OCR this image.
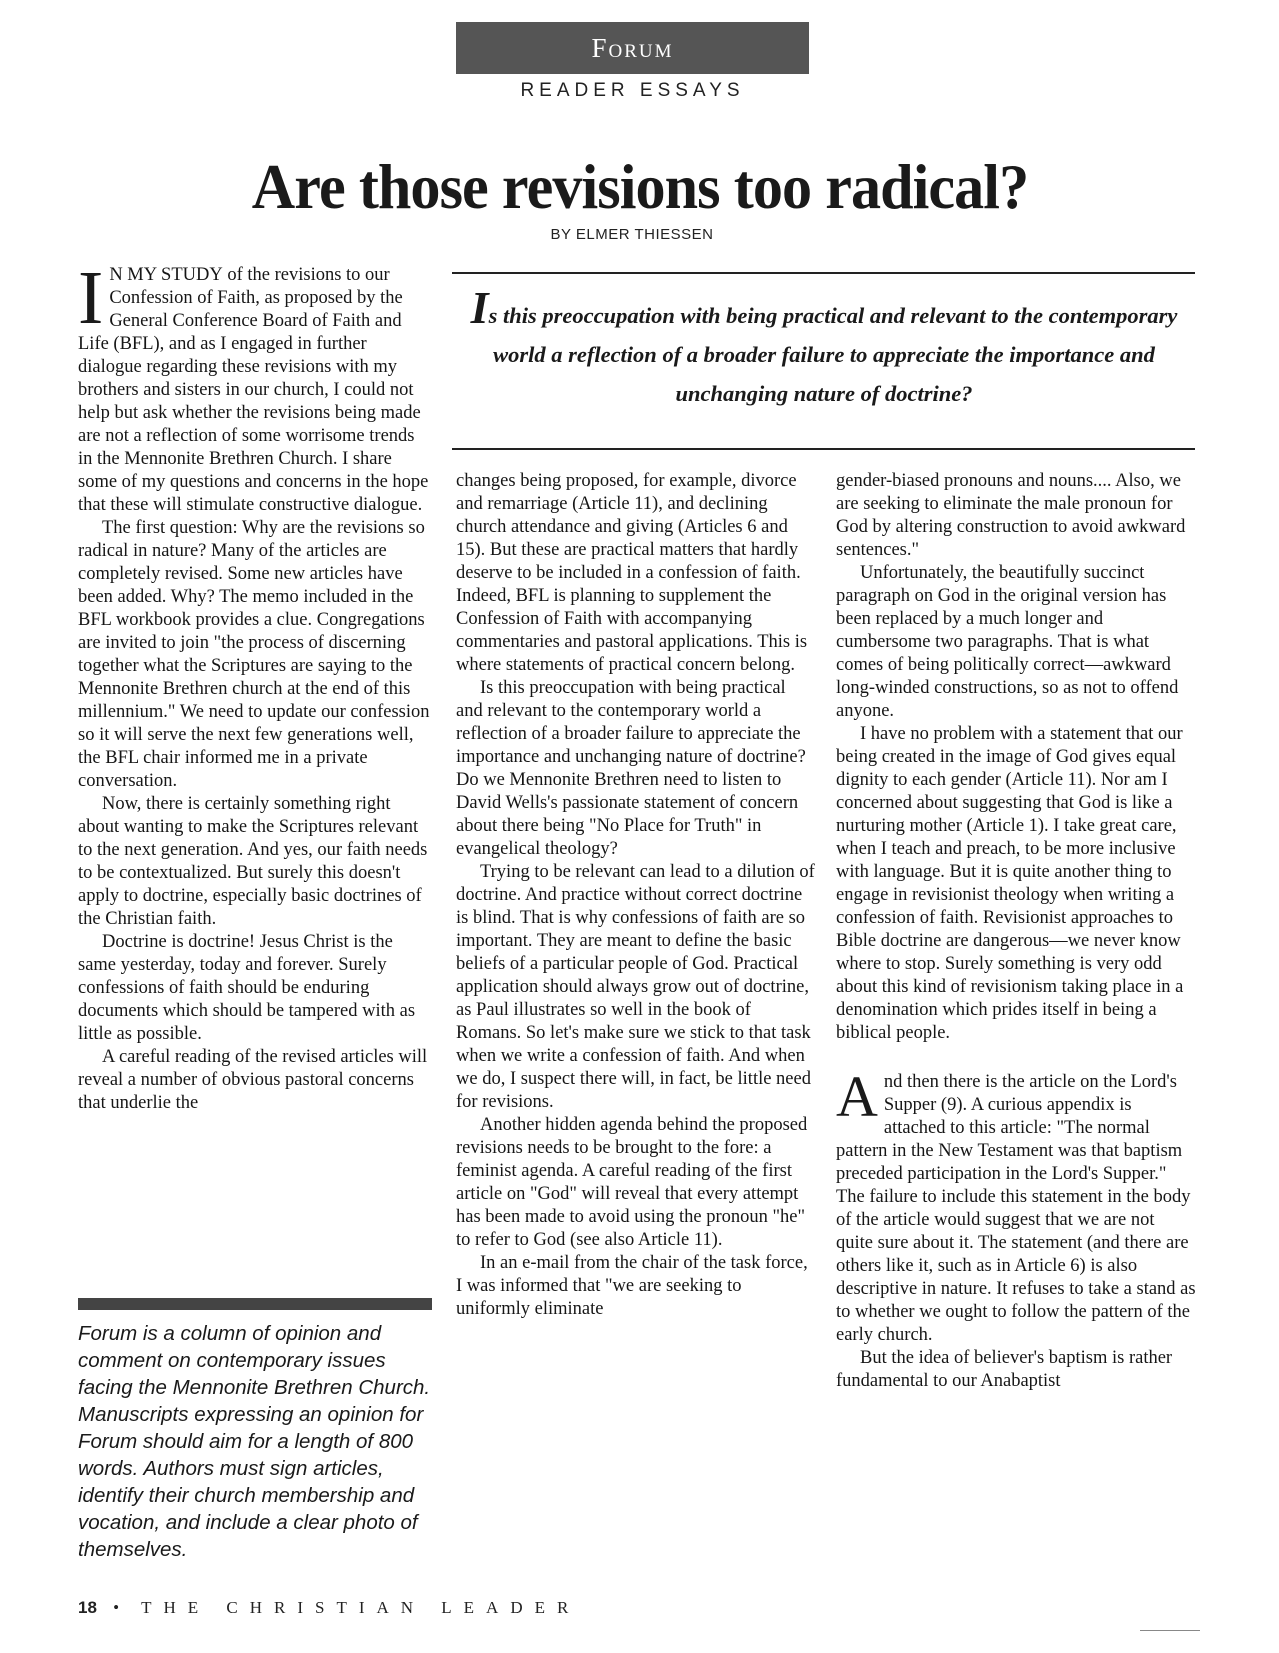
Forum
READER ESSAYS
Are those revisions too radical?
BY ELMER THIESSEN
Is this preoccupation with being practical and relevant to the contemporary world a reflection of a broader failure to appreciate the importance and unchanging nature of doctrine?

I N MY STUDY of the revisions to our Confession of Faith, as proposed by the General Conference Board of Faith and Life (BFL), and as I engaged in further dialogue regarding these revisions with my brothers and sisters in our church, I could not help but ask whether the revisions being made are not a reflection of some worrisome trends in the Mennonite Brethren Church. I share some of my questions and concerns in the hope that these will stimulate constructive dialogue.

The first question: Why are the revisions so radical in nature? Many of the articles are completely revised. Some new articles have been added. Why? The memo included in the BFL workbook provides a clue. Congregations are invited to join "the process of discerning together what the Scriptures are saying to the Mennonite Brethren church at the end of this millennium." We need to update our confession so it will serve the next few generations well, the BFL chair informed me in a private conversation.

Now, there is certainly something right about wanting to make the Scriptures relevant to the next generation. And yes, our faith needs to be contextualized. But surely this doesn't apply to doctrine, especially basic doctrines of the Christian faith.

Doctrine is doctrine! Jesus Christ is the same yesterday, today and forever. Surely confessions of faith should be enduring documents which should be tampered with as little as possible.

A careful reading of the revised articles will reveal a number of obvious pastoral concerns that underlie the

Forum is a column of opinion and comment on contemporary issues facing the Mennonite Brethren Church. Manuscripts expressing an opinion for Forum should aim for a length of 800 words. Authors must sign articles, identify their church membership and vocation, and include a clear photo of themselves.

changes being proposed, for example, divorce and remarriage (Article 11), and declining church attendance and giving (Articles 6 and 15). But these are practical matters that hardly deserve to be included in a confession of faith. Indeed, BFL is planning to supplement the Confession of Faith with accompanying commentaries and pastoral applications. This is where statements of practical concern belong.

Is this preoccupation with being practical and relevant to the contemporary world a reflection of a broader failure to appreciate the importance and unchanging nature of doctrine? Do we Mennonite Brethren need to listen to David Wells's passionate statement of concern about there being "No Place for Truth" in evangelical theology?

Trying to be relevant can lead to a dilution of doctrine. And practice without correct doctrine is blind. That is why confessions of faith are so important. They are meant to define the basic beliefs of a particular people of God. Practical application should always grow out of doctrine, as Paul illustrates so well in the book of Romans. So let's make sure we stick to that task when we write a confession of faith. And when we do, I suspect there will, in fact, be little need for revisions.

Another hidden agenda behind the proposed revisions needs to be brought to the fore: a feminist agenda. A careful reading of the first article on "God" will reveal that every attempt has been made to avoid using the pronoun "he" to refer to God (see also Article 11).

In an e-mail from the chair of the task force, I was informed that "we are seeking to uniformly eliminate

gender-biased pronouns and nouns.... Also, we are seeking to eliminate the male pronoun for God by altering construction to avoid awkward sentences."

Unfortunately, the beautifully succinct paragraph on God in the original version has been replaced by a much longer and cumbersome two paragraphs. That is what comes of being politically correct—awkward long-winded constructions, so as not to offend anyone.

I have no problem with a statement that our being created in the image of God gives equal dignity to each gender (Article 11). Nor am I concerned about suggesting that God is like a nurturing mother (Article 1). I take great care, when I teach and preach, to be more inclusive with language. But it is quite another thing to engage in revisionist theology when writing a confession of faith. Revisionist approaches to Bible doctrine are dangerous—we never know where to stop. Surely something is very odd about this kind of revisionism taking place in a denomination which prides itself in being a biblical people.

And then there is the article on the Lord's Supper (9). A curious appendix is attached to this article: "The normal pattern in the New Testament was that baptism preceded participation in the Lord's Supper." The failure to include this statement in the body of the article would suggest that we are not quite sure about it. The statement (and there are others like it, such as in Article 6) is also descriptive in nature. It refuses to take a stand as to whether we ought to follow the pattern of the early church.

But the idea of believer's baptism is rather fundamental to our Anabaptist

18 • THE CHRISTIAN LEADER
